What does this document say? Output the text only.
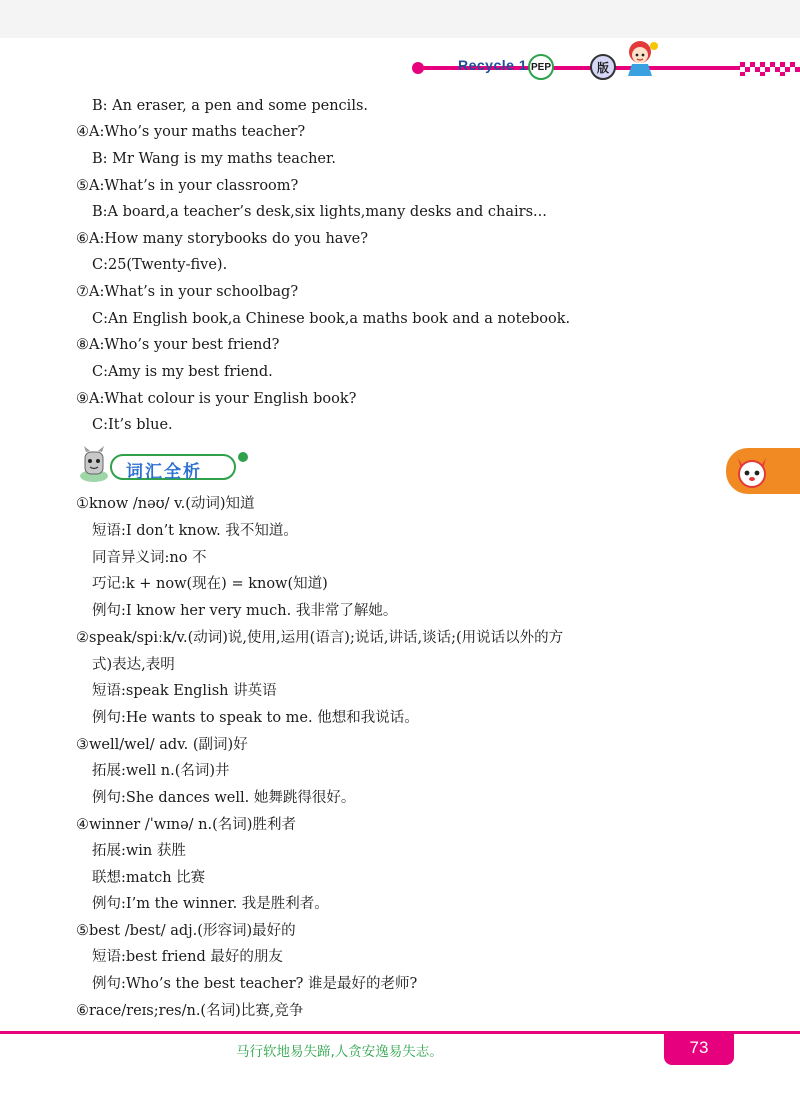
Recycle 1 PEP	版
B: An eraser, a pen and some pencils.
④A:Who’s your maths teacher?
B: Mr Wang is my maths teacher.
⑤A:What’s in your classroom?
B:A board,a teacher’s desk,six lights,many desks and chairs...
⑥A:How many storybooks do you have?
C:25(Twenty-five).
⑦A:What’s in your schoolbag?
C:An English book,a Chinese book,a maths book and a notebook.
⑧A:Who’s your best friend?
C:Amy is my best friend.
⑨A:What colour is your English book?
C:It’s blue.
词汇全析
①know /nəʊ/ v.(动词)知道
短语:I don’t know. 我不知道。
同音异义词:no 不
巧记:k + now(现在) = know(知道)
例句:I know her very much. 我非常了解她。
②speak/spiːk/v.(动词)说,使用,运用(语言);说话,讲话,谈话;(用说话以外的方
式)表达,表明
短语:speak English 讲英语
例句:He wants to speak to me. 他想和我说话。
③well/wel/ adv. (副词)好
拓展:well n.(名词)井
例句:She dances well. 她舞跳得很好。
④winner /ˈwɪnə/ n.(名词)胜利者
拓展:win 获胜
联想:match 比赛
例句:I’m the winner. 我是胜利者。
⑤best /best/ adj.(形容词)最好的
短语:best friend 最好的朋友
例句:Who’s the best teacher? 谁是最好的老师?
⑥race/reɪs;res/n.(名词)比赛,竞争
马行软地易失蹄,人贪安逸易失志。	73
